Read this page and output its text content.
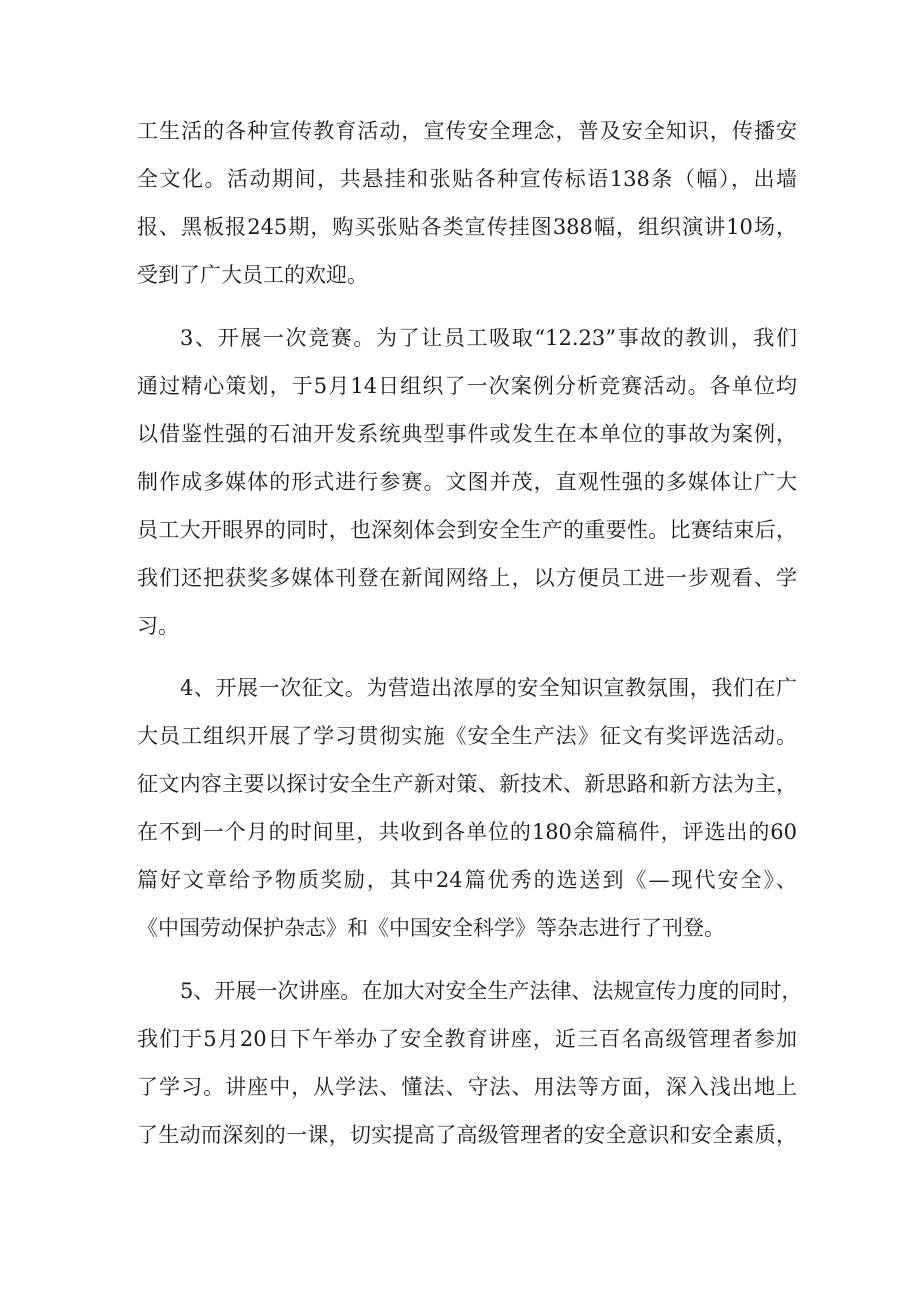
工生活的各种宣传教育活动，宣传安全理念，普及安全知识，传播安

全文化。活动期间，共悬挂和张贴各种宣传标语138条（幅），出墙

报、黑板报245期，购买张贴各类宣传挂图388幅，组织演讲10场，

受到了广大员工的欢迎。

3、开展一次竞赛。为了让员工吸取“12.23”事故的教训，我们

通过精心策划，于5月14日组织了一次案例分析竞赛活动。各单位均

以借鉴性强的石油开发系统典型事件或发生在本单位的事故为案例，

制作成多媒体的形式进行参赛。文图并茂，直观性强的多媒体让广大

员工大开眼界的同时，也深刻体会到安全生产的重要性。比赛结束后，

我们还把获奖多媒体刊登在新闻网络上，以方便员工进一步观看、学

习。

4、开展一次征文。为营造出浓厚的安全知识宣教氛围，我们在广

大员工组织开展了学习贯彻实施《安全生产法》征文有奖评选活动。

征文内容主要以探讨安全生产新对策、新技术、新思路和新方法为主，

在不到一个月的时间里，共收到各单位的180余篇稿件，评选出的60

篇好文章给予物质奖励，其中24篇优秀的选送到《—现代安全》、

《中国劳动保护杂志》和《中国安全科学》等杂志进行了刊登。

5、开展一次讲座。在加大对安全生产法律、法规宣传力度的同时，

我们于5月20日下午举办了安全教育讲座，近三百名高级管理者参加

了学习。讲座中，从学法、懂法、守法、用法等方面，深入浅出地上

了生动而深刻的一课，切实提高了高级管理者的安全意识和安全素质，
